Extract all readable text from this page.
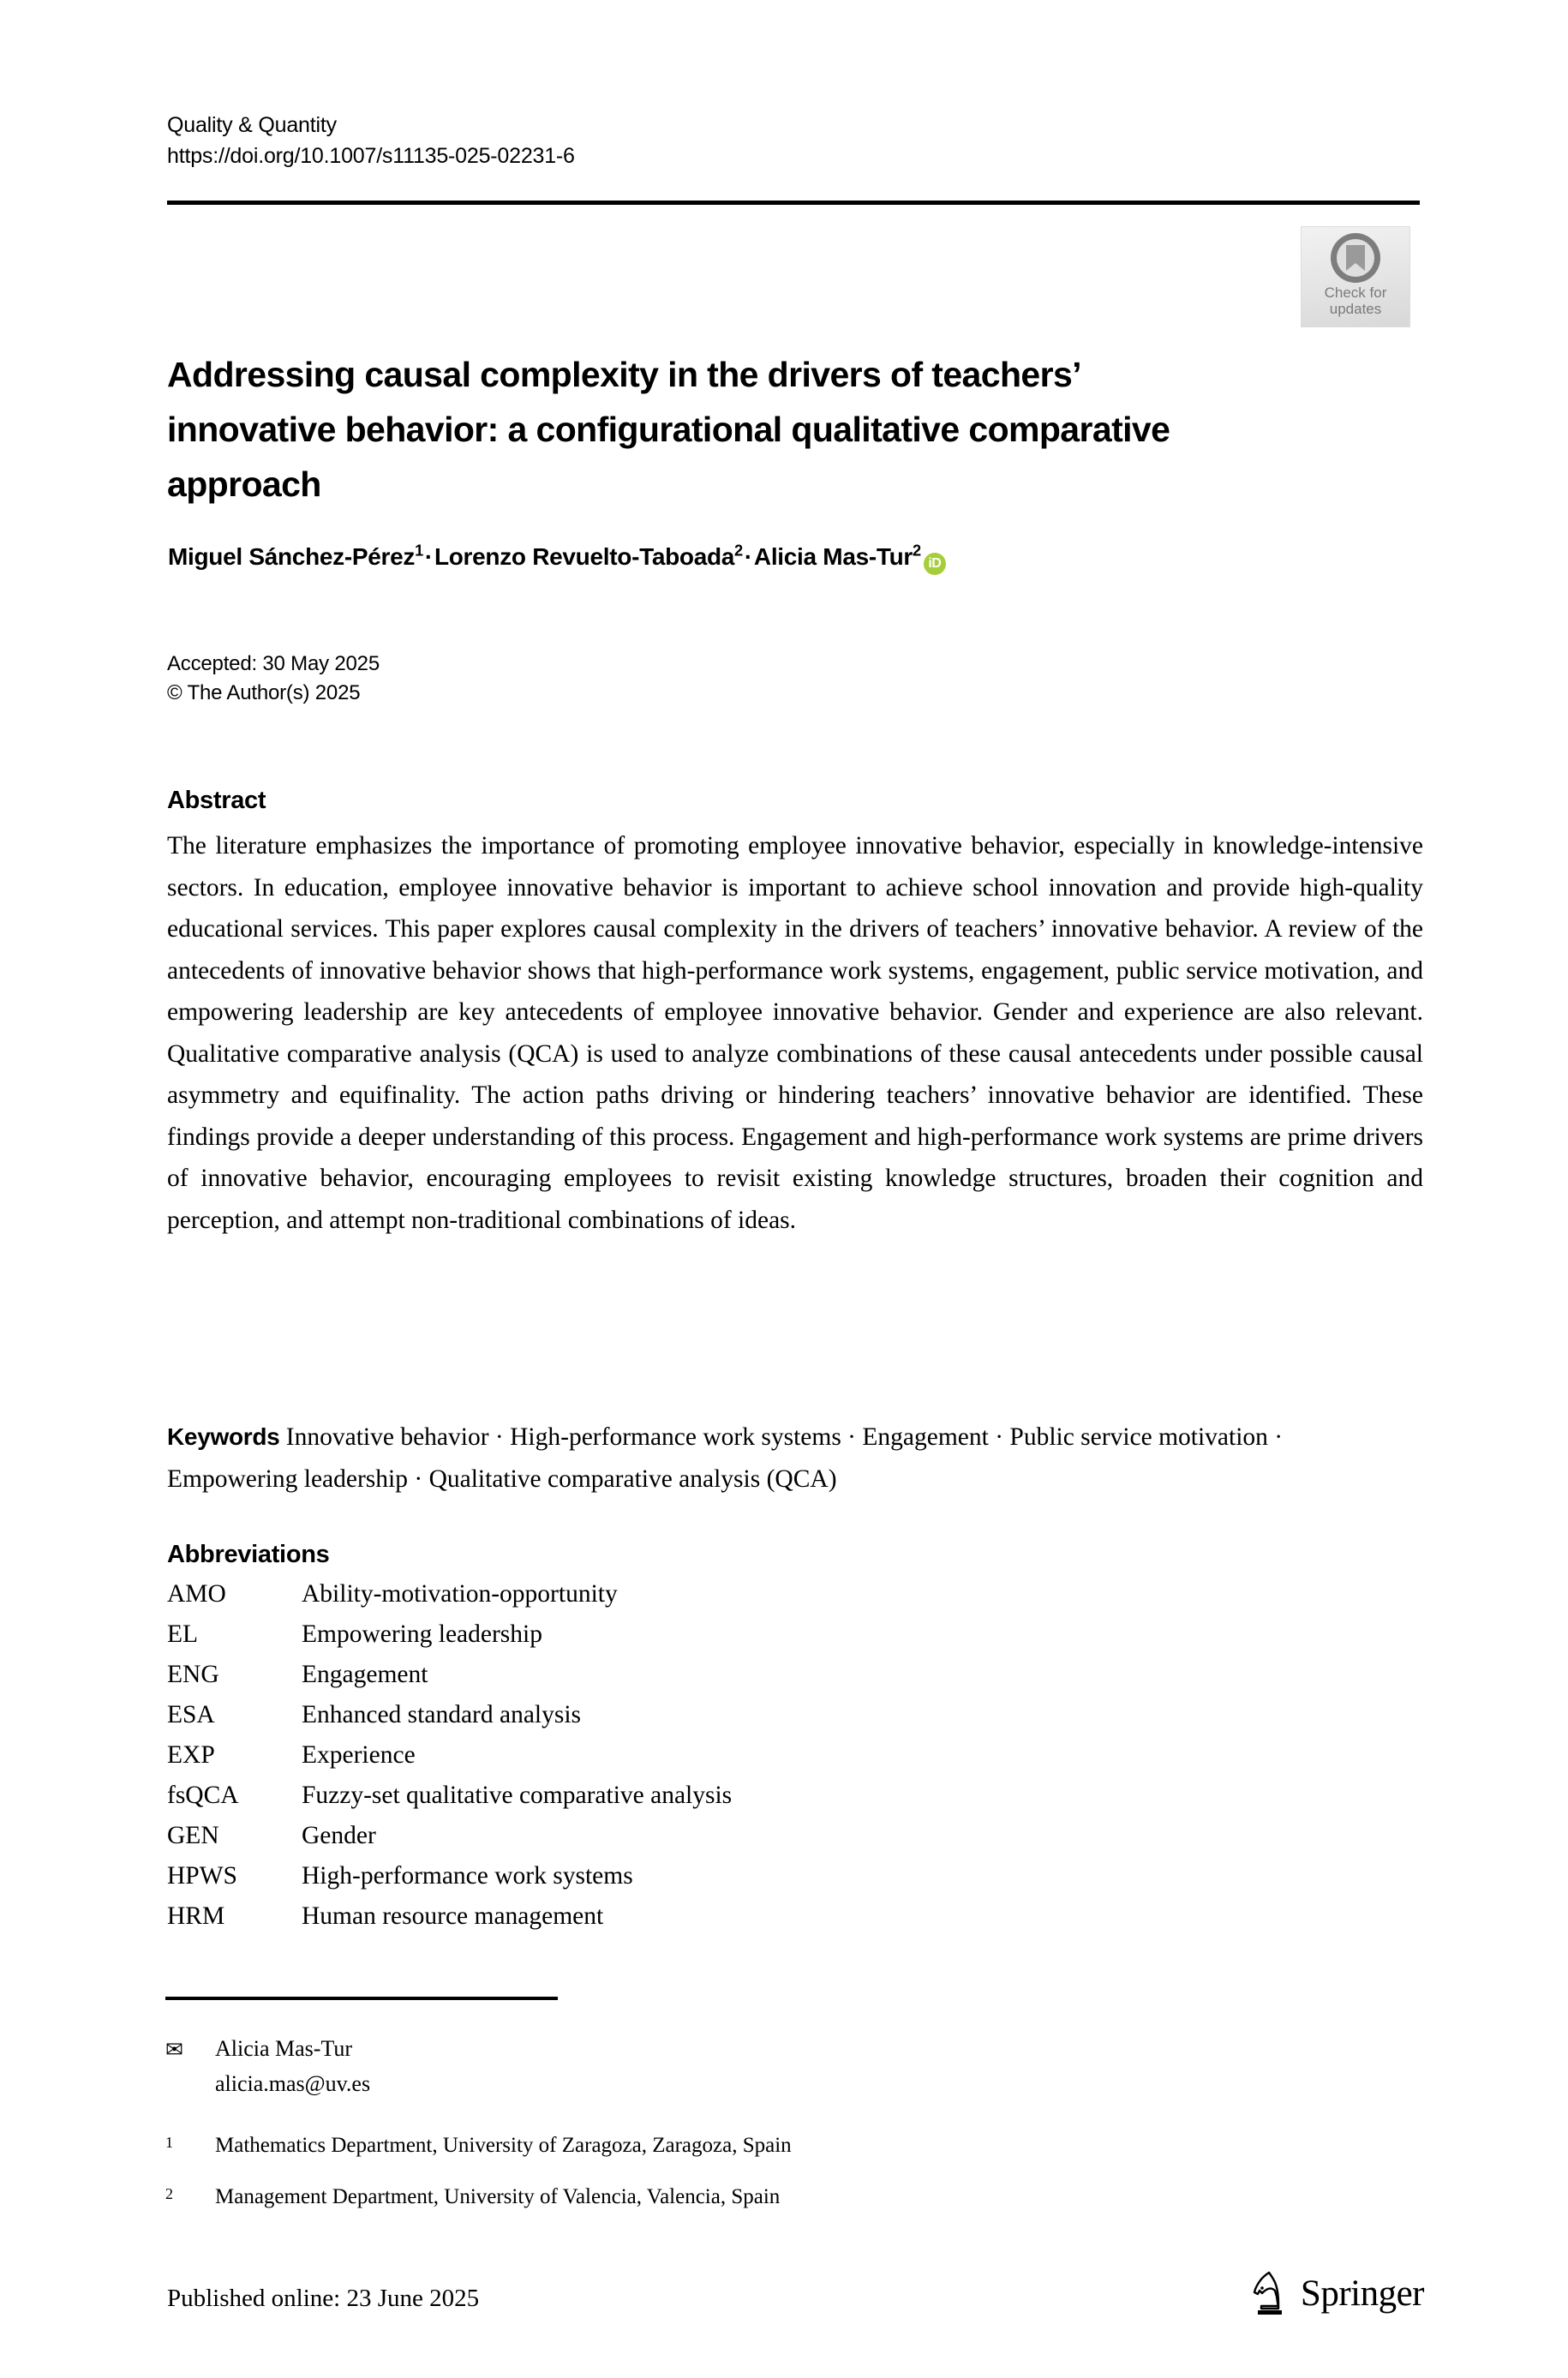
Quality & Quantity
https://doi.org/10.1007/s11135-025-02231-6
Check for
updates
Addressing causal complexity in the drivers of teachers’ innovative behavior: a configurational qualitative comparative approach
Miguel Sánchez-Pérez$^1$·Lorenzo Revuelto-Taboada$^2$·Alicia Mas-Tur$^2$iD
Accepted: 30 May 2025
© The Author(s) 2025
Abstract
The literature emphasizes the importance of promoting employee innovative behavior, especially in knowledge-intensive sectors. In education, employee innovative behavior is important to achieve school innovation and provide high-quality educational services. This paper explores causal complexity in the drivers of teachers’ innovative behavior. A review of the antecedents of innovative behavior shows that high-performance work systems, engagement, public service motivation, and empowering leadership are key antecedents of employee innovative behavior. Gender and experience are also relevant. Qualitative comparative analysis (QCA) is used to analyze combinations of these causal antecedents under possible causal asymmetry and equifinality. The action paths driving or hindering teachers’ innovative behavior are identified. These findings provide a deeper understanding of this process. Engagement and high-performance work systems are prime drivers of innovative behavior, encouraging employees to revisit existing knowledge structures, broaden their cognition and perception, and attempt non-traditional combinations of ideas.
Keywords Innovative behavior · High-performance work systems · Engagement · Public service motivation · Empowering leadership · Qualitative comparative analysis (QCA)
Abbreviations
AMO	Ability-motivation-opportunity
EL	Empowering leadership
ENG	Engagement
ESA	Enhanced standard analysis
EXP	Experience
fsQCA	Fuzzy-set qualitative comparative analysis
GEN	Gender
HPWS	High-performance work systems
HRM	Human resource management
✉	Alicia Mas-Tur
alicia.mas@uv.es
1	Mathematics Department, University of Zaragoza, Zaragoza, Spain
2	Management Department, University of Valencia, Valencia, Spain
Published online: 23 June 2025	Springer
